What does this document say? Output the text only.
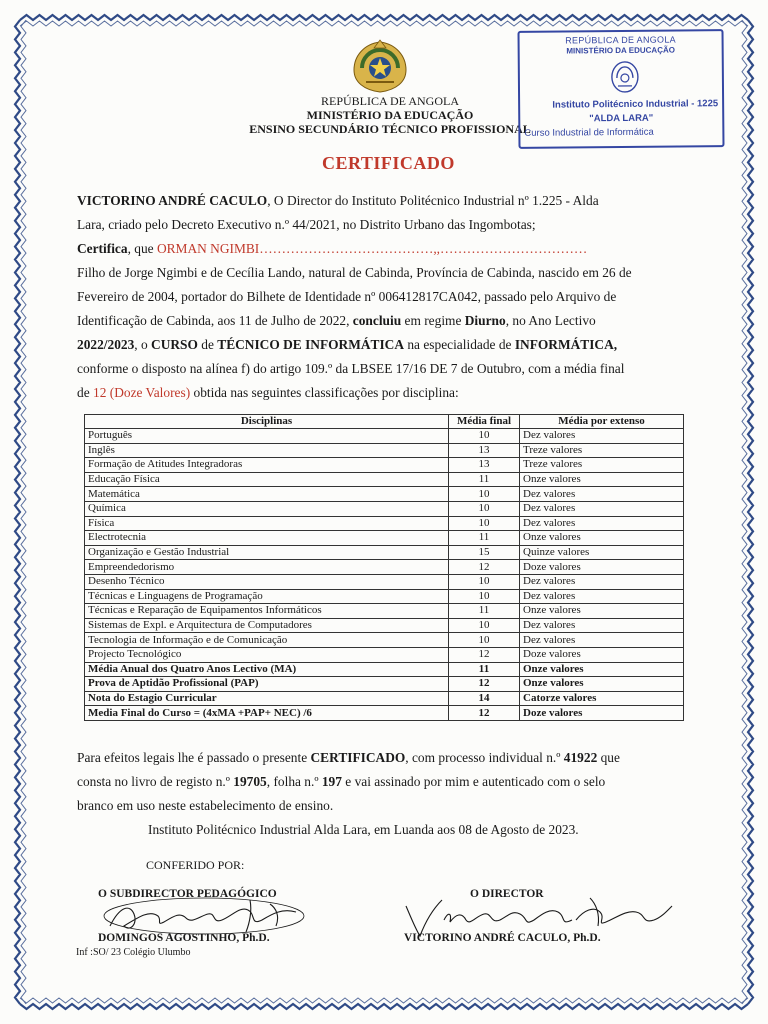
REPÚBLICA DE ANGOLA
MINISTÉRIO DA EDUCAÇÃO
ENSINO SECUNDÁRIO TÉCNICO PROFISSIONAL
REPÚBLICA DE ANGOLA
MINISTÉRIO DA EDUCAÇÃO
Instituto Politécnico Industrial - 1225
"ALDA LARA"
Curso Industrial de Informática
CERTIFICADO
VICTORINO ANDRÉ CACULO, O Director do Instituto Politécnico Industrial nº 1.225 - Alda
Lara, criado pelo Decreto Executivo n.º 44/2021, no Distrito Urbano das Ingombotas;
Certifica, que ORMAN NGIMBI…………………………………,,……………………………
Filho de Jorge Ngimbi e de Cecília Lando, natural de Cabinda, Província de Cabinda, nascido em 26 de
Fevereiro de 2004, portador do Bilhete de Identidade nº 006412817CA042, passado pelo Arquivo de
Identificação de Cabinda, aos 11 de Julho de 2022, concluiu em regime Diurno, no Ano Lectivo
2022/2023, o CURSO de TÉCNICO DE INFORMÁTICA na especialidade de INFORMÁTICA,
conforme o disposto na alínea f) do artigo 109.º da LBSEE 17/16 DE 7 de Outubro, com a média final
de 12 (Doze Valores) obtida nas seguintes classificações por disciplina:
Disciplinas	Média final	Média por extenso
Português	10	Dez valores
Inglês	13	Treze valores
Formação de Atitudes Integradoras	13	Treze valores
Educação Física	11	Onze valores
Matemática	10	Dez valores
Química	10	Dez valores
Física	10	Dez valores
Electrotecnia	11	Onze valores
Organização e Gestão Industrial	15	Quinze valores
Empreendedorismo	12	Doze valores
Desenho Técnico	10	Dez valores
Técnicas e Linguagens de Programação	10	Dez valores
Técnicas e Reparação de Equipamentos Informáticos	11	Onze valores
Sistemas de Expl. e Arquitectura de Computadores	10	Dez valores
Tecnologia de Informação e de Comunicação	10	Dez valores
Projecto Tecnológico	12	Doze valores
Média Anual dos Quatro Anos Lectivo (MA)	11	Onze valores
Prova de Aptidão Profissional (PAP)	12	Onze valores
Nota do Estagio Curricular	14	Catorze valores
Media Final do Curso = (4xMA +PAP+ NEC) /6	12	Doze valores
Para efeitos legais lhe é passado o presente CERTIFICADO, com processo individual n.º 41922 que
consta no livro de registo n.º 19705, folha n.º 197 e vai assinado por mim e autenticado com o selo
branco em uso neste estabelecimento de ensino.
Instituto Politécnico Industrial Alda Lara, em Luanda aos 08 de Agosto de 2023.
CONFERIDO POR:
O SUBDIRECTOR PEDAGÓGICO
DOMINGOS AGOSTINHO, Ph.D.
Inf :SO/ 23 Colégio Ulumbo
O DIRECTOR
VICTORINO ANDRÉ CACULO, Ph.D.
